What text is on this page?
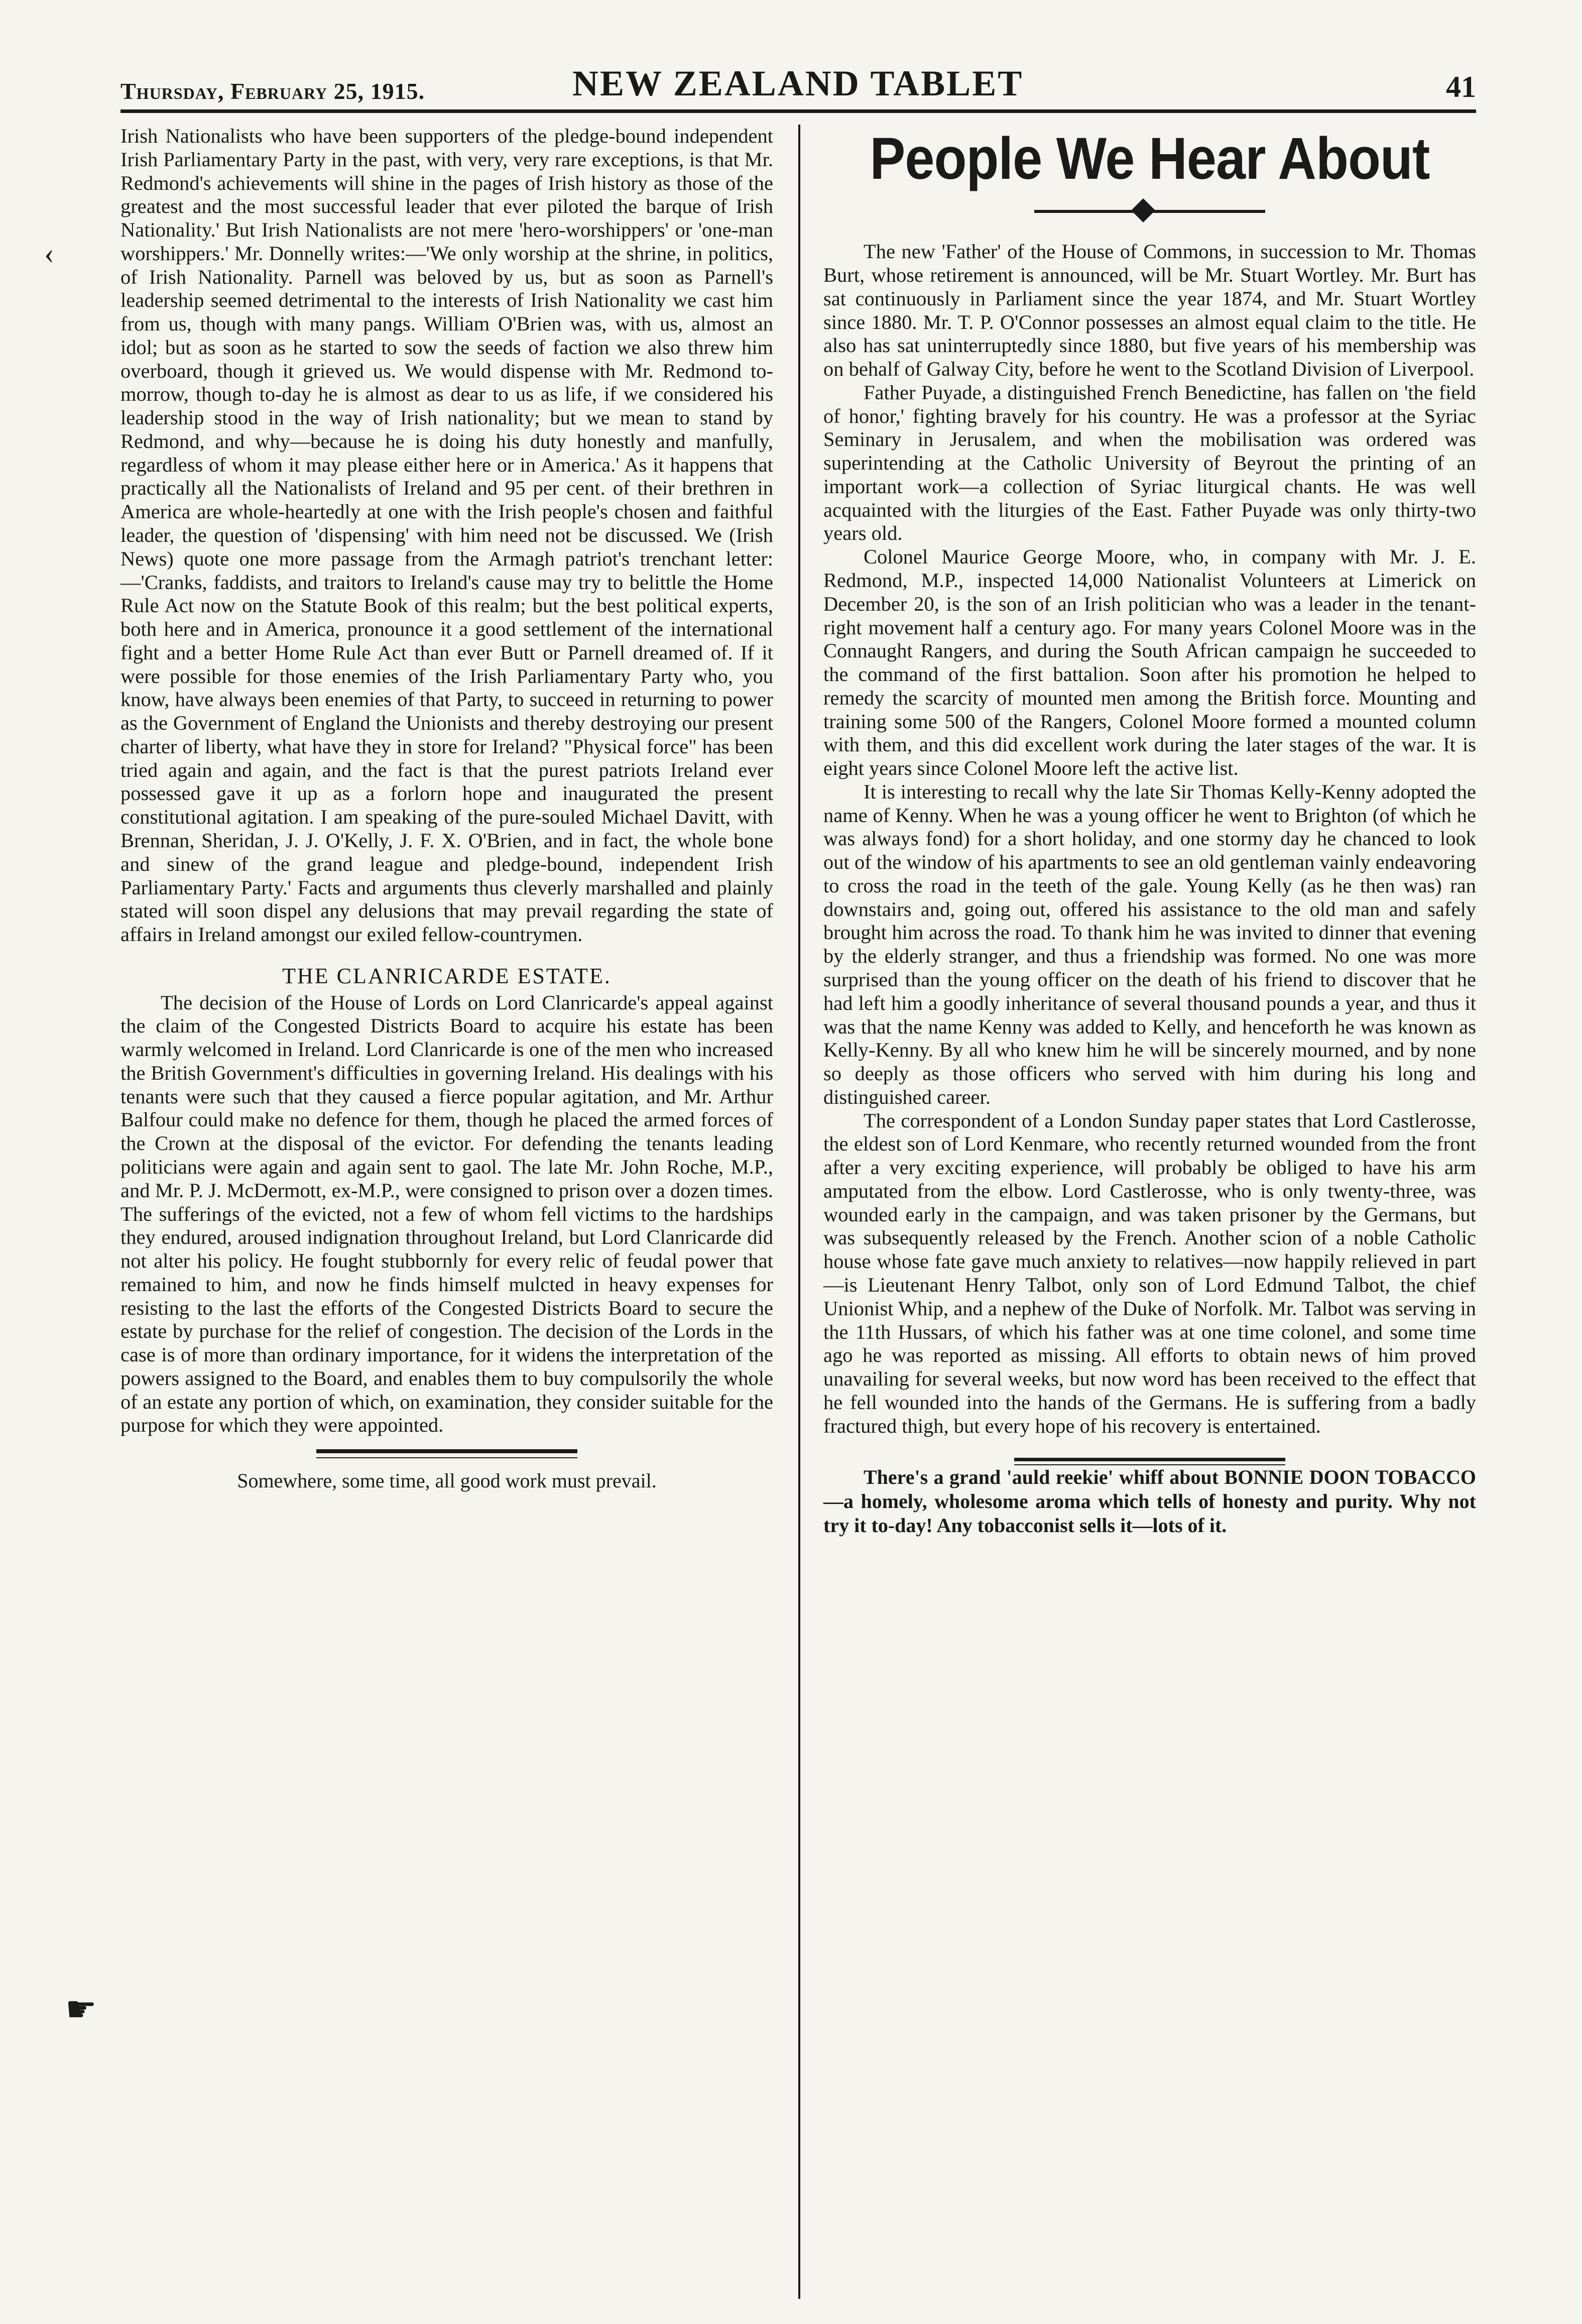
Thursday, February 25, 1915.	NEW ZEALAND TABLET	41

Irish Nationalists who have been supporters of the pledge-bound independent Irish Parliamentary Party in the past, with very, very rare exceptions, is that Mr. Redmond's achievements will shine in the pages of Irish history as those of the greatest and the most successful leader that ever piloted the barque of Irish Nationality.' But Irish Nationalists are not mere 'hero-worshippers' or 'one-man worshippers.' Mr. Donnelly writes:—'We only worship at the shrine, in politics, of Irish Nationality. Parnell was beloved by us, but as soon as Parnell's leadership seemed detrimental to the interests of Irish Nationality we cast him from us, though with many pangs. William O'Brien was, with us, almost an idol; but as soon as he started to sow the seeds of faction we also threw him overboard, though it grieved us. We would dispense with Mr. Redmond to-morrow, though to-day he is almost as dear to us as life, if we considered his leadership stood in the way of Irish nationality; but we mean to stand by Redmond, and why—because he is doing his duty honestly and manfully, regardless of whom it may please either here or in America.' As it happens that practically all the Nationalists of Ireland and 95 per cent. of their brethren in America are whole-heartedly at one with the Irish people's chosen and faithful leader, the question of 'dispensing' with him need not be discussed. We (Irish News) quote one more passage from the Armagh patriot's trenchant letter:—'Cranks, faddists, and traitors to Ireland's cause may try to belittle the Home Rule Act now on the Statute Book of this realm; but the best political experts, both here and in America, pronounce it a good settlement of the international fight and a better Home Rule Act than ever Butt or Parnell dreamed of. If it were possible for those enemies of the Irish Parliamentary Party who, you know, have always been enemies of that Party, to succeed in returning to power as the Government of England the Unionists and thereby destroying our present charter of liberty, what have they in store for Ireland? "Physical force" has been tried again and again, and the fact is that the purest patriots Ireland ever possessed gave it up as a forlorn hope and inaugurated the present constitutional agitation. I am speaking of the pure-souled Michael Davitt, with Brennan, Sheridan, J. J. O'Kelly, J. F. X. O'Brien, and in fact, the whole bone and sinew of the grand league and pledge-bound, independent Irish Parliamentary Party.' Facts and arguments thus cleverly marshalled and plainly stated will soon dispel any delusions that may prevail regarding the state of affairs in Ireland amongst our exiled fellow-countrymen.

THE CLANRICARDE ESTATE.

The decision of the House of Lords on Lord Clanricarde's appeal against the claim of the Congested Districts Board to acquire his estate has been warmly welcomed in Ireland. Lord Clanricarde is one of the men who increased the British Government's difficulties in governing Ireland. His dealings with his tenants were such that they caused a fierce popular agitation, and Mr. Arthur Balfour could make no defence for them, though he placed the armed forces of the Crown at the disposal of the evictor. For defending the tenants leading politicians were again and again sent to gaol. The late Mr. John Roche, M.P., and Mr. P. J. McDermott, ex-M.P., were consigned to prison over a dozen times. The sufferings of the evicted, not a few of whom fell victims to the hardships they endured, aroused indignation throughout Ireland, but Lord Clanricarde did not alter his policy. He fought stubbornly for every relic of feudal power that remained to him, and now he finds himself mulcted in heavy expenses for resisting to the last the efforts of the Congested Districts Board to secure the estate by purchase for the relief of congestion. The decision of the Lords in the case is of more than ordinary importance, for it widens the interpretation of the powers assigned to the Board, and enables them to buy compulsorily the whole of an estate any portion of which, on examination, they consider suitable for the purpose for which they were appointed.

Somewhere, some time, all good work must prevail.
People We Hear About

The new 'Father' of the House of Commons, in succession to Mr. Thomas Burt, whose retirement is announced, will be Mr. Stuart Wortley. Mr. Burt has sat continuously in Parliament since the year 1874, and Mr. Stuart Wortley since 1880. Mr. T. P. O'Connor possesses an almost equal claim to the title. He also has sat uninterruptedly since 1880, but five years of his membership was on behalf of Galway City, before he went to the Scotland Division of Liverpool.

Father Puyade, a distinguished French Benedictine, has fallen on 'the field of honor,' fighting bravely for his country. He was a professor at the Syriac Seminary in Jerusalem, and when the mobilisation was ordered was superintending at the Catholic University of Beyrout the printing of an important work—a collection of Syriac liturgical chants. He was well acquainted with the liturgies of the East. Father Puyade was only thirty-two years old.

Colonel Maurice George Moore, who, in company with Mr. J. E. Redmond, M.P., inspected 14,000 Nationalist Volunteers at Limerick on December 20, is the son of an Irish politician who was a leader in the tenant-right movement half a century ago. For many years Colonel Moore was in the Connaught Rangers, and during the South African campaign he succeeded to the command of the first battalion. Soon after his promotion he helped to remedy the scarcity of mounted men among the British force. Mounting and training some 500 of the Rangers, Colonel Moore formed a mounted column with them, and this did excellent work during the later stages of the war. It is eight years since Colonel Moore left the active list.

It is interesting to recall why the late Sir Thomas Kelly-Kenny adopted the name of Kenny. When he was a young officer he went to Brighton (of which he was always fond) for a short holiday, and one stormy day he chanced to look out of the window of his apartments to see an old gentleman vainly endeavoring to cross the road in the teeth of the gale. Young Kelly (as he then was) ran downstairs and, going out, offered his assistance to the old man and safely brought him across the road. To thank him he was invited to dinner that evening by the elderly stranger, and thus a friendship was formed. No one was more surprised than the young officer on the death of his friend to discover that he had left him a goodly inheritance of several thousand pounds a year, and thus it was that the name Kenny was added to Kelly, and henceforth he was known as Kelly-Kenny. By all who knew him he will be sincerely mourned, and by none so deeply as those officers who served with him during his long and distinguished career.

The correspondent of a London Sunday paper states that Lord Castlerosse, the eldest son of Lord Kenmare, who recently returned wounded from the front after a very exciting experience, will probably be obliged to have his arm amputated from the elbow. Lord Castlerosse, who is only twenty-three, was wounded early in the campaign, and was taken prisoner by the Germans, but was subsequently released by the French. Another scion of a noble Catholic house whose fate gave much anxiety to relatives—now happily relieved in part—is Lieutenant Henry Talbot, only son of Lord Edmund Talbot, the chief Unionist Whip, and a nephew of the Duke of Norfolk. Mr. Talbot was serving in the 11th Hussars, of which his father was at one time colonel, and some time ago he was reported as missing. All efforts to obtain news of him proved unavailing for several weeks, but now word has been received to the effect that he fell wounded into the hands of the Germans. He is suffering from a badly fractured thigh, but every hope of his recovery is entertained.

There's a grand 'auld reekie' whiff about BONNIE DOON TOBACCO—a homely, wholesome aroma which tells of honesty and purity. Why not try it to-day! Any tobacconist sells it—lots of it.

‹
☛
